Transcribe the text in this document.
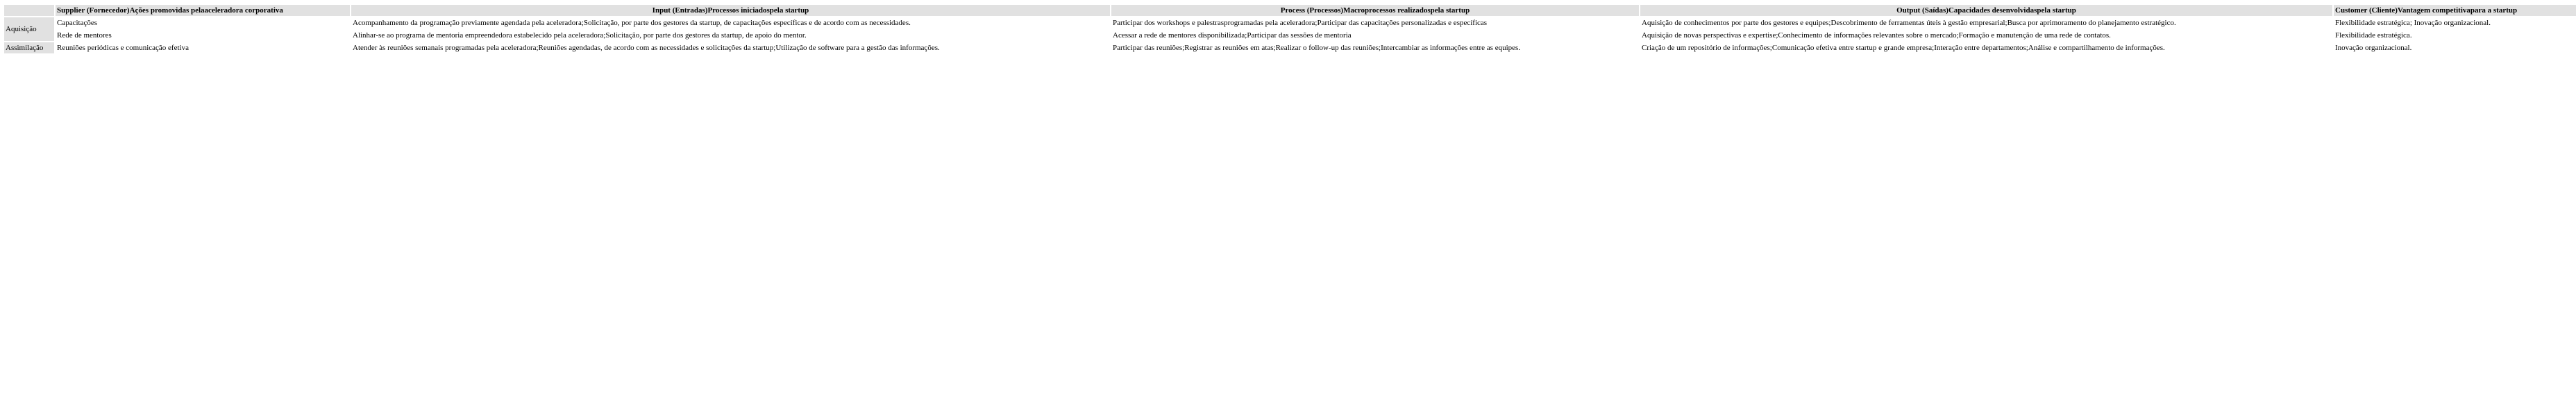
	Supplier (Fornecedor)Ações promovidas pelaaceleradora corporativa	Input (Entradas)Processos iniciadospela startup	Process (Processos)Macroprocessos realizadospela startup	Output (Saídas)Capacidades desenvolvidaspela startup	Customer (Cliente)Vantagem competitivapara a startup
Aquisição	Capacitações	Acompanhamento da programação previamente agendada pela aceleradora;Solicitação, por parte dos gestores da startup, de capacitações específicas e de acordo com as necessidades.	Participar dos workshops e palestrasprogramadas pela aceleradora;Participar das capacitações personalizadas e específicas	Aquisição de conhecimentos por parte dos gestores e equipes;Descobrimento de ferramentas úteis à gestão empresarial;Busca por aprimoramento do planejamento estratégico.	Flexibilidade estratégica; Inovação organizacional.
	Rede de mentores	Alinhar-se ao programa de mentoria empreendedora estabelecido pela aceleradora;Solicitação, por parte dos gestores da startup, de apoio do mentor.	Acessar a rede de mentores disponibilizada;Participar das sessões de mentoria	Aquisição de novas perspectivas e expertise;Conhecimento de informações relevantes sobre o mercado;Formação e manutenção de uma rede de contatos.	Flexibilidade estratégica.
Assimilação	Reuniões periódicas e comunicação efetiva	Atender às reuniões semanais programadas pela aceleradora;Reuniões agendadas, de acordo com as necessidades e solicitações da startup;Utilização de software para a gestão das informações.	Participar das reuniões;Registrar as reuniões em atas;Realizar o follow-up das reuniões;Intercambiar as informações entre as equipes.	Criação de um repositório de informações;Comunicação efetiva entre startup e grande empresa;Interação entre departamentos;Análise e compartilhamento de informações.	Inovação organizacional.
